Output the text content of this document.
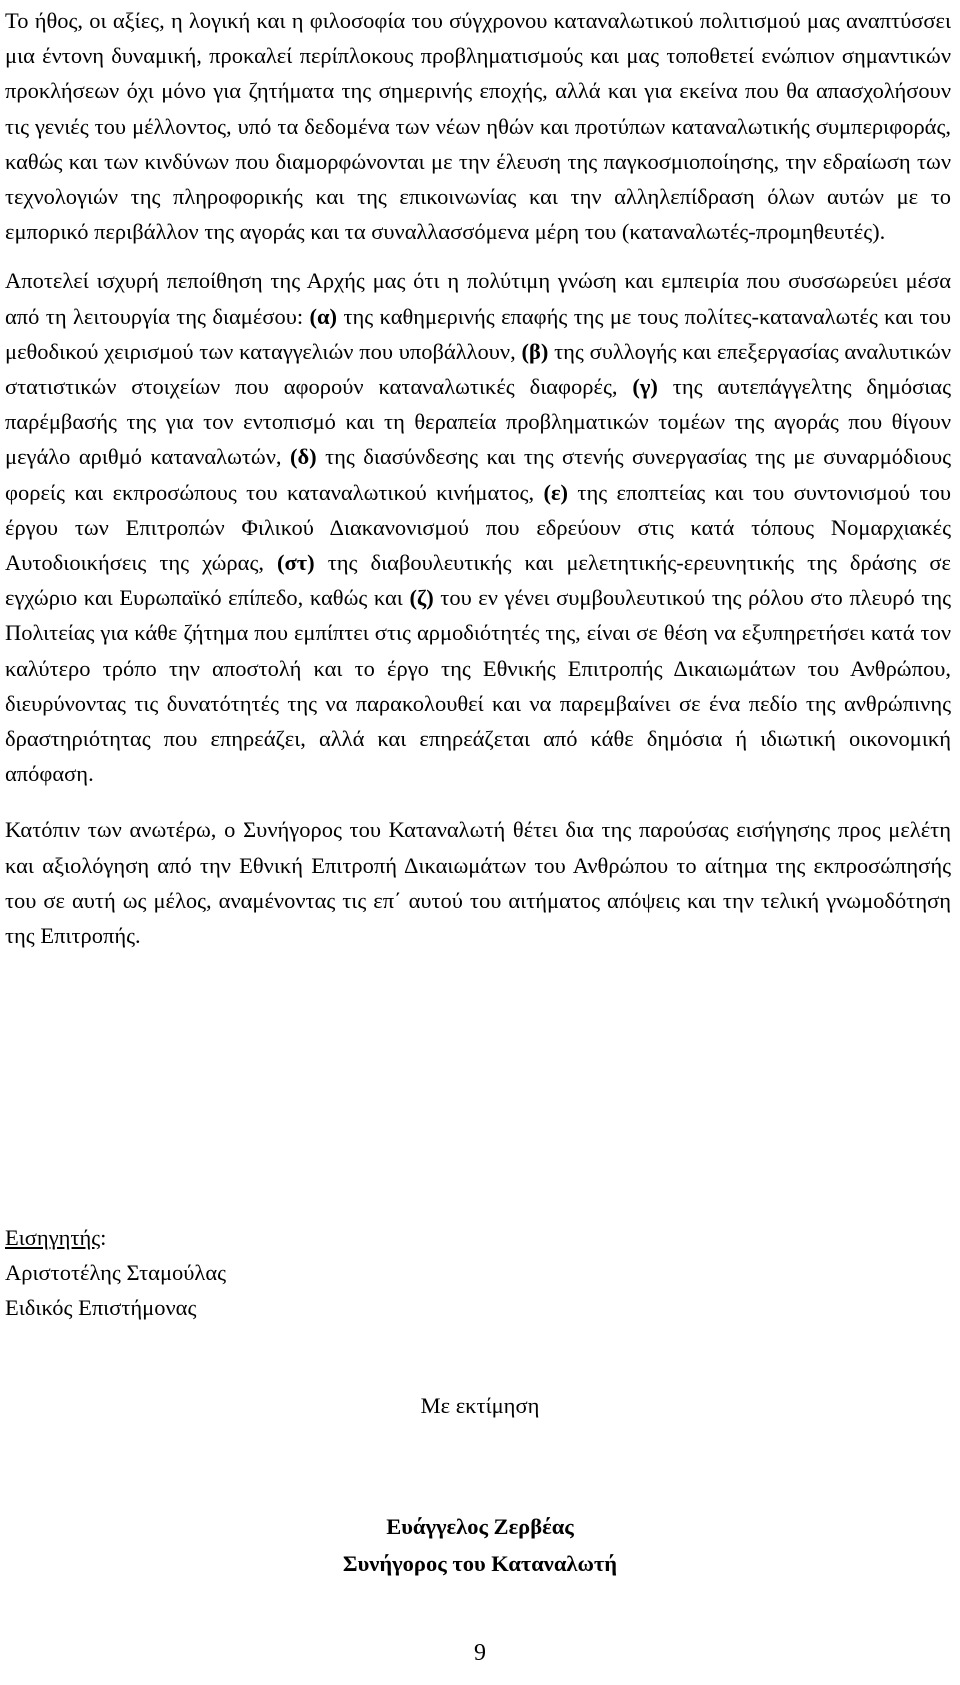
Το ήθος, οι αξίες, η λογική και η φιλοσοφία του σύγχρονου καταναλωτικού πολιτισμού μας αναπτύσσει μια έντονη δυναμική, προκαλεί περίπλοκους προβληματισμούς και μας τοποθετεί ενώπιον σημαντικών προκλήσεων όχι μόνο για ζητήματα της σημερινής εποχής, αλλά και για εκείνα που θα απασχολήσουν τις γενιές του μέλλοντος, υπό τα δεδομένα των νέων ηθών και προτύπων καταναλωτικής συμπεριφοράς, καθώς και των κινδύνων που διαμορφώνονται με την έλευση της παγκοσμιοποίησης, την εδραίωση των τεχνολογιών της πληροφορικής και της επικοινωνίας και την αλληλεπίδραση όλων αυτών με το εμπορικό περιβάλλον της αγοράς και τα συναλλασσόμενα μέρη του (καταναλωτές-προμηθευτές).

Αποτελεί ισχυρή πεποίθηση της Αρχής μας ότι η πολύτιμη γνώση και εμπειρία που συσσωρεύει μέσα από τη λειτουργία της διαμέσου: (α) της καθημερινής επαφής της με τους πολίτες-καταναλωτές και του μεθοδικού χειρισμού των καταγγελιών που υποβάλλουν, (β) της συλλογής και επεξεργασίας αναλυτικών στατιστικών στοιχείων που αφορούν καταναλωτικές διαφορές, (γ) της αυτεπάγγελτης δημόσιας παρέμβασής της για τον εντοπισμό και τη θεραπεία προβληματικών τομέων της αγοράς που θίγουν μεγάλο αριθμό καταναλωτών, (δ) της διασύνδεσης και της στενής συνεργασίας της με συναρμόδιους φορείς και εκπροσώπους του καταναλωτικού κινήματος, (ε) της εποπτείας και του συντονισμού του έργου των Επιτροπών Φιλικού Διακανονισμού που εδρεύουν στις κατά τόπους Νομαρχιακές Αυτοδιοικήσεις της χώρας, (στ) της διαβουλευτικής και μελετητικής-ερευνητικής της δράσης σε εγχώριο και Ευρωπαϊκό επίπεδο, καθώς και (ζ) του εν γένει συμβουλευτικού της ρόλου στο πλευρό της Πολιτείας για κάθε ζήτημα που εμπίπτει στις αρμοδιότητές της, είναι σε θέση να εξυπηρετήσει κατά τον καλύτερο τρόπο την αποστολή και το έργο της Εθνικής Επιτροπής Δικαιωμάτων του Ανθρώπου, διευρύνοντας τις δυνατότητές της να παρακολουθεί και να παρεμβαίνει σε ένα πεδίο της ανθρώπινης δραστηριότητας που επηρεάζει, αλλά και επηρεάζεται από κάθε δημόσια ή ιδιωτική οικονομική απόφαση.

Κατόπιν των ανωτέρω, ο Συνήγορος του Καταναλωτή θέτει δια της παρούσας εισήγησης προς μελέτη και αξιολόγηση από την Εθνική Επιτροπή Δικαιωμάτων του Ανθρώπου το αίτημα της εκπροσώπησής του σε αυτή ως μέλος, αναμένοντας τις επ΄ αυτού του αιτήματος απόψεις και την τελική γνωμοδότηση της Επιτροπής.

Εισηγητής:
Αριστοτέλης Σταμούλας
Ειδικός Επιστήμονας
Με εκτίμηση
Ευάγγελος Ζερβέας
Συνήγορος του Καταναλωτή
9
